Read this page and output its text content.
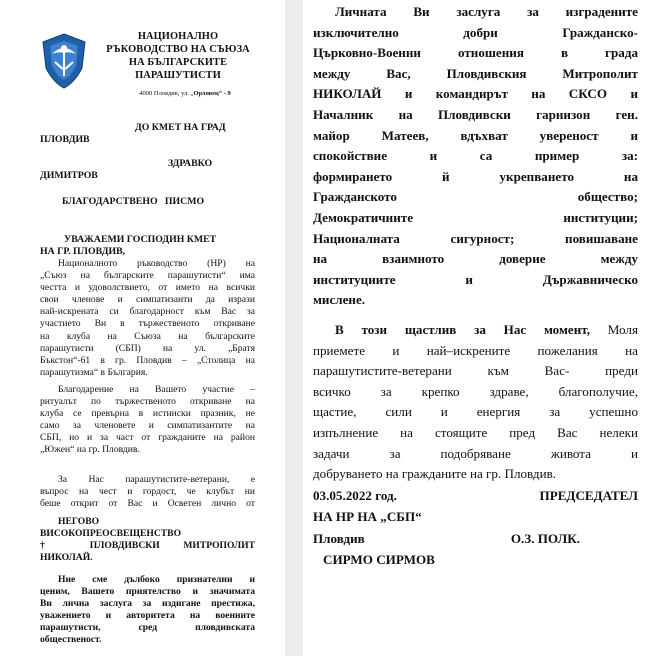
НАЦИОНАЛНО
РЪКОВОДСТВО НА СЪЮЗА
НА БЪЛГАРСКИТЕ
ПАРАШУТИСТИ
4000 Пловдив, ул. „Орловец“ - 9
ДО КМЕТ НА ГРАД
ПЛОВДИВ
ЗДРАВКО
ДИМИТРОВ
БЛАГОДАРСТВЕНО   ПИСМО
УВАЖАЕМИ ГОСПОДИН КМЕТ
НА ГР. ПЛОВДИВ,
Националното ръководство (НР) на
„Съюз на българските парашутисти“ има
честта и удоволствието, от името на всички
свои членове и симпатизанти да изрази
най-искрената си благодарност към Вас за
участието Ви в тържественото откриване
на клуба на Съюза на българските
парашутисти (СБП) на ул. „Братя
Бъкстон“-61 в гр. Пловдив – „Столица на
парашутизма“ в България.
Благодарение на Вашето участие –
ритуалът по тържественото откриване на
клуба се превърна в истински празник, не
само за членовете и симпатизантите на
СБП, но и за част от гражданите на район
„Южен“ на гр. Пловдив.
За Нас парашутистите-ветерани, е
въпрос на чест и гордост, че клубът ни
беше открит от Вас и Осветен лично от
НЕГОВО
ВИСОКОПРЕОСВЕЩЕНСТВО
† ПЛОВДИВСКИ МИТРОПОЛИТ
НИКОЛАЙ.
Ние сме дълбоко признателни и
ценим, Вашето приятелство и значимата
Ви лична заслуга за издигане престижа,
уважението и авторитета на военните
парашутисти, сред пловдивската
общественост.
Личната Ви заслуга за изградените
изключително добри Гражданско-
Църковно-Военни отношения в града
между Вас, Пловдивския Митрополит
НИКОЛАЙ и командирът на СКСО и
Началник на Пловдивски гарнизон ген.
майор Матеев, вдъхват увереност и
спокойствие и са пример за:
формирането й укрепването на
Гражданското общество;
Демократичните институции;
Националната сигурност; повишаване
на взаимното доверие между
институциите и Държавническо
мислене.
В този щастлив за Нас момент, Моля
приемете и най–искрените пожелания на
парашутистите-ветерани към Вас- преди
всичко за крепко здраве, благополучие,
щастие, сили и енергия за успешно
изпълнение на стоящите пред Вас нелеки
задачи за подобряване живота и
добруването на гражданите на гр. Пловдив.
03.05.2022 год.	ПРЕДСЕДАТЕЛ
НА НР НА „СБП“
Пловдив	О.З. ПОЛК.
СИРМО СИРМОВ
